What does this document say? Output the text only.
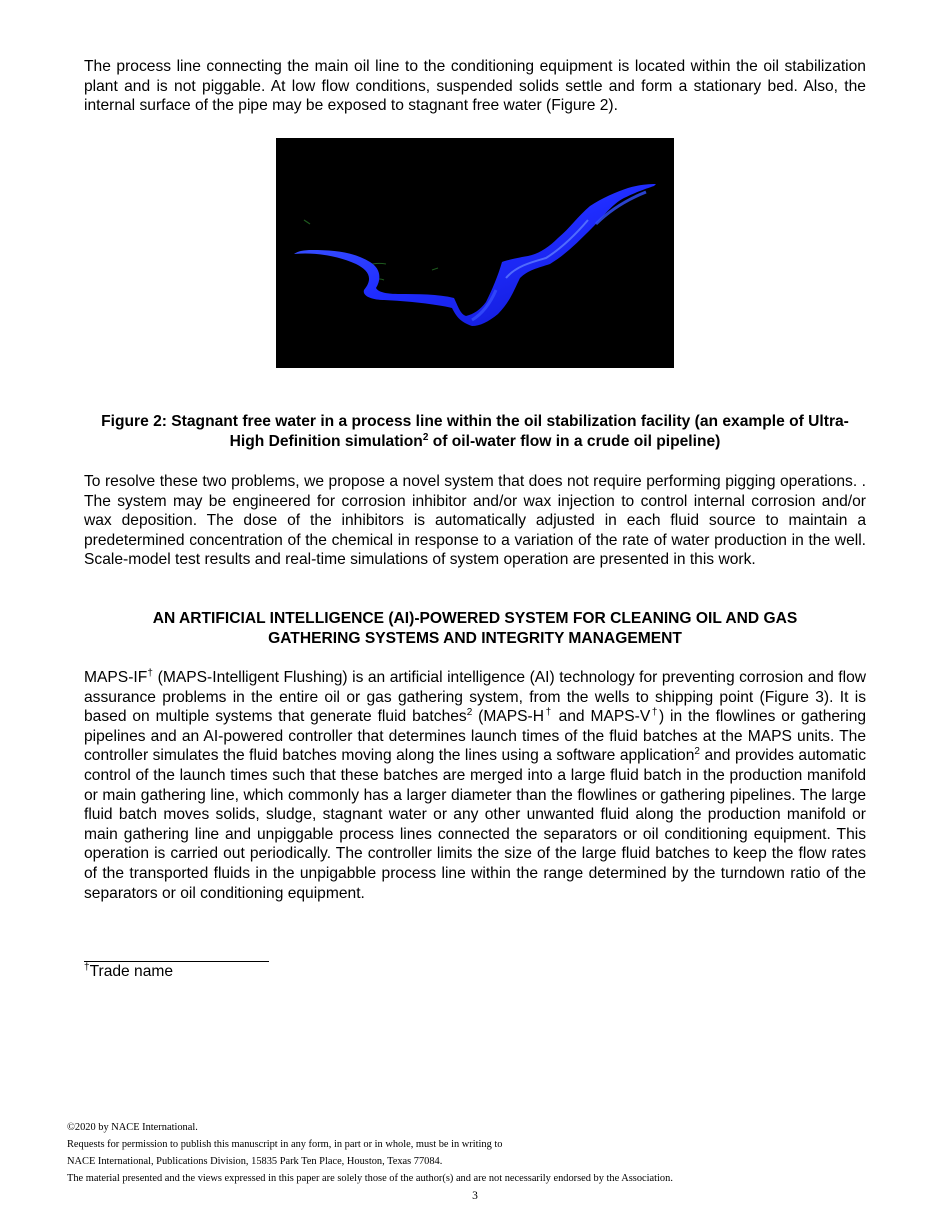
The process line connecting the main oil line to the conditioning equipment is located within the oil stabilization plant and is not piggable. At low flow conditions, suspended solids settle and form a stationary bed. Also, the internal surface of the pipe may be exposed to stagnant free water (Figure 2).

Figure 2: Stagnant free water in a process line within the oil stabilization facility (an example of Ultra-High Definition simulation$^2$ of oil-water flow in a crude oil pipeline)

To resolve these two problems, we propose a novel system that does not require performing pigging operations. . The system may be engineered for corrosion inhibitor and/or wax injection to control internal corrosion and/or wax deposition. The dose of the inhibitors is automatically adjusted in each fluid source to maintain a predetermined concentration of the chemical in response to a variation of the rate of water production in the well. Scale-model test results and real-time simulations of system operation are presented in this work.

AN ARTIFICIAL INTELLIGENCE (AI)-POWERED SYSTEM FOR CLEANING OIL AND GAS
GATHERING SYSTEMS AND INTEGRITY MANAGEMENT

MAPS-IF† (MAPS-Intelligent Flushing) is an artificial intelligence (AI) technology for preventing corrosion and flow assurance problems in the entire oil or gas gathering system, from the wells to shipping point (Figure 3). It is based on multiple systems that generate fluid batches$^2$ (MAPS-H† and MAPS-V†) in the flowlines or gathering pipelines and an AI-powered controller that determines launch times of the fluid batches at the MAPS units. The controller simulates the fluid batches moving along the lines using a software application$^2$ and provides automatic control of the launch times such that these batches are merged into a large fluid batch in the production manifold or main gathering line, which commonly has a larger diameter than the flowlines or gathering pipelines. The large fluid batch moves solids, sludge, stagnant water or any other unwanted fluid along the production manifold or main gathering line and unpiggable process lines connected the separators or oil conditioning equipment. This operation is carried out periodically. The controller limits the size of the large fluid batches to keep the flow rates of the transported fluids in the unpigabble process line within the range determined by the turndown ratio of the separators or oil conditioning equipment.

†Trade name

©2020 by NACE International.
Requests for permission to publish this manuscript in any form, in part or in whole, must be in writing to
NACE International, Publications Division, 15835 Park Ten Place, Houston, Texas 77084.
The material presented and the views expressed in this paper are solely those of the author(s) and are not necessarily endorsed by the Association.
3
